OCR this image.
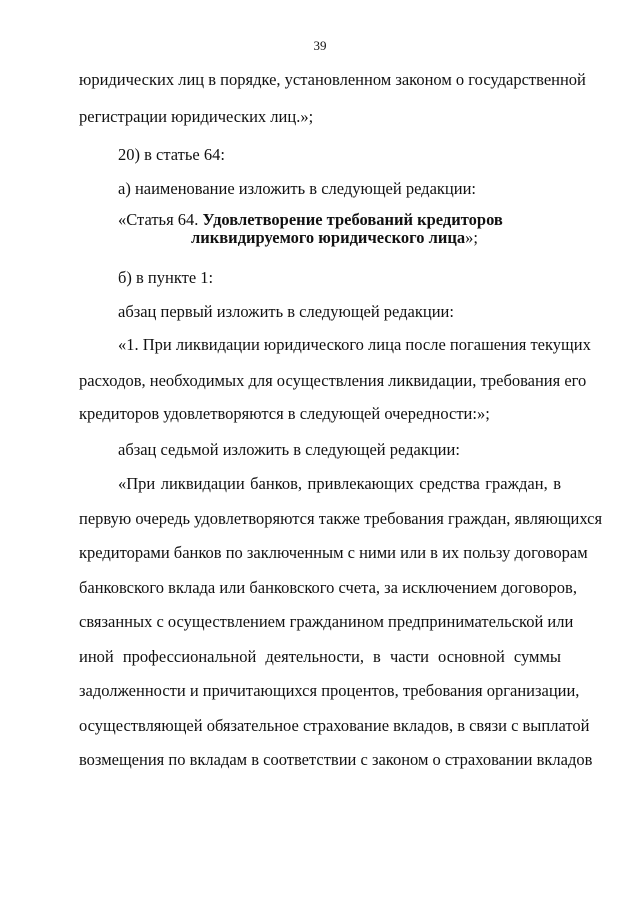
39
юридических лиц в порядке, установленном законом о государственной
регистрации юридических лиц.»;
20) в статье 64:
а) наименование изложить в следующей редакции:
«Статья 64. Удовлетворение требований кредиторов
ликвидируемого юридического лица»;
б) в пункте 1:
абзац первый изложить в следующей редакции:
«1. При ликвидации юридического лица после погашения текущих
расходов, необходимых для осуществления ликвидации, требования его
кредиторов удовлетворяются в следующей очередности:»;
абзац седьмой изложить в следующей редакции:
«При ликвидации банков, привлекающих средства граждан, в
первую очередь удовлетворяются также требования граждан, являющихся
кредиторами банков по заключенным с ними или в их пользу договорам
банковского вклада или банковского счета, за исключением договоров,
связанных с осуществлением гражданином предпринимательской или
иной профессиональной деятельности, в части основной суммы
задолженности и причитающихся процентов, требования организации,
осуществляющей обязательное страхование вкладов, в связи с выплатой
возмещения по вкладам в соответствии с законом о страховании вкладов
